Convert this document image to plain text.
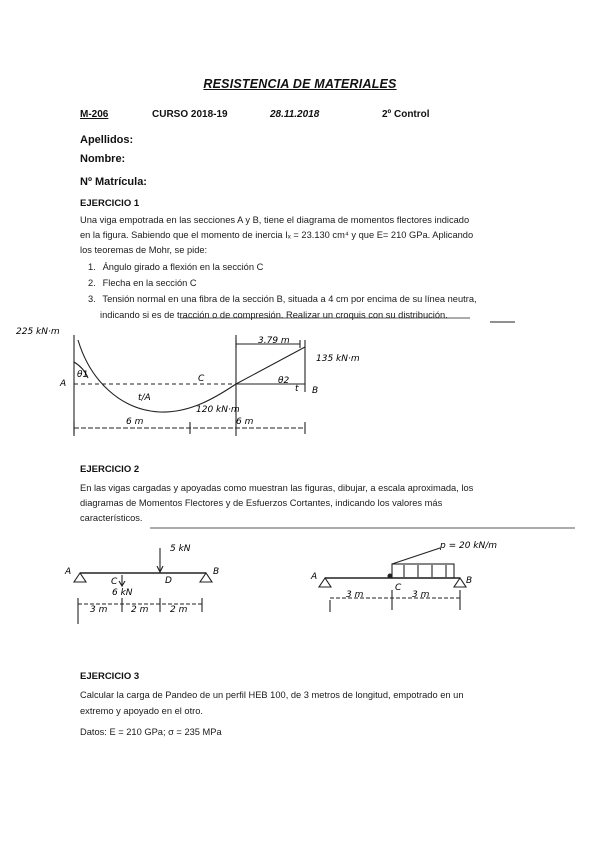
RESISTENCIA DE MATERIALES
M-206	CURSO 2018-19	28.11.2018	2º Control
Apellidos:
Nombre:
Nº Matrícula:
EJERCICIO 1
Una viga empotrada en las secciones A y B, tiene el diagrama de momentos flectores indicado
en la figura. Sabiendo que el momento de inercia Iₓ = 23.130 cm⁴ y que E= 210 GPa. Aplicando
los teoremas de Mohr, se pide:
1. Ángulo girado a flexión en la sección C
2. Flecha en la sección C
3. Tensión normal en una fibra de la sección B, situada a 4 cm por encima de su línea neutra,
indicando si es de tracción o de compresión. Realizar un croquis con su distribución.
225 kN·m
135 kN·m
120 kN·m
3.79 m
A
B
C
θ1
θ2
t/A
t
6 m	6 m
EJERCICIO 2
En las vigas cargadas y apoyadas como muestran las figuras, dibujar, a escala aproximada, los
diagramas de Momentos Flectores y de Esfuerzos Cortantes, indicando los valores más
característicos.
5 kN
6 kN
A
C	D
B
3 m	2 m 2 m
p = 20 kN/m
A
C
B
3 m	3 m
EJERCICIO 3
Calcular la carga de Pandeo de un perfil HEB 100, de 3 metros de longitud, empotrado en un
extremo y apoyado en el otro.
Datos: E = 210 GPa; σ = 235 MPa
